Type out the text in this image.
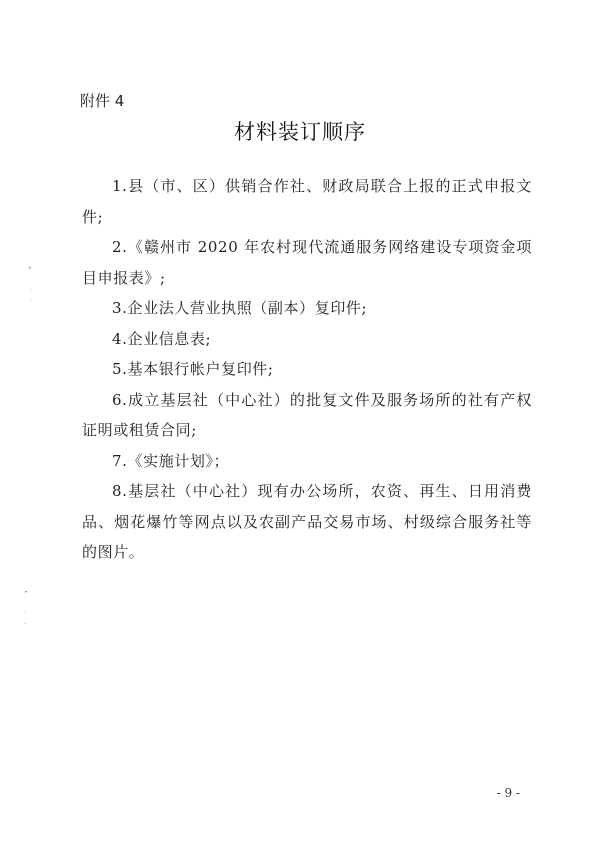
附件 4
材料装订顺序

1.县（市、区）供销合作社、财政局联合上报的正式申报文件;

2.《赣州市 2020 年农村现代流通服务网络建设专项资金项目申报表》;

3.企业法人营业执照（副本）复印件;

4.企业信息表;

5.基本银行帐户复印件;

6.成立基层社（中心社）的批复文件及服务场所的社有产权证明或租赁合同;

7.《实施计划》；

8.基层社（中心社）现有办公场所，农资、再生、日用消费品、烟花爆竹等网点以及农副产品交易市场、村级综合服务社等的图片。

•
·
·
•
·
·
- 9 -
